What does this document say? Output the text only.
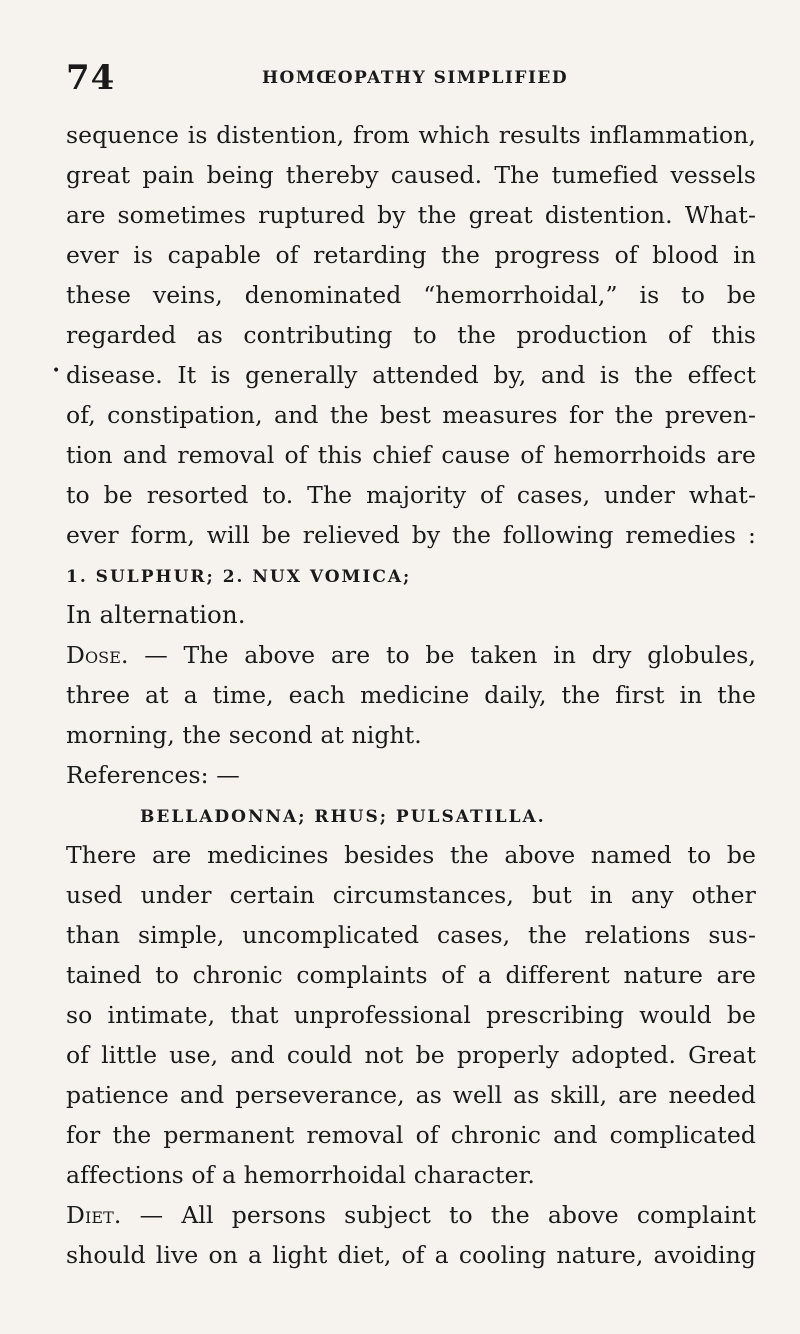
74	HOMŒOPATHY SIMPLIFIED
•
sequence is distention, from which results inflammation,
great pain being thereby caused. The tumefied vessels
are sometimes ruptured by the great distention. What-
ever is capable of retarding the progress of blood in
these veins, denominated “hemorrhoidal,” is to be
regarded as contributing to the production of this
disease. It is generally attended by, and is the effect
of, constipation, and the best measures for the preven-
tion and removal of this chief cause of hemorrhoids are
to be resorted to. The majority of cases, under what-
ever form, will be relieved by the following remedies :
1. SULPHUR; 2. NUX VOMICA;
In alternation.
Dose. — The above are to be taken in dry globules,
three at a time, each medicine daily, the first in the
morning, the second at night.
References: —
BELLADONNA; RHUS; PULSATILLA.
There are medicines besides the above named to be
used under certain circumstances, but in any other
than simple, uncomplicated cases, the relations sus-
tained to chronic complaints of a different nature are
so intimate, that unprofessional prescribing would be
of little use, and could not be properly adopted. Great
patience and perseverance, as well as skill, are needed
for the permanent removal of chronic and complicated
affections of a hemorrhoidal character.
Diet. — All persons subject to the above complaint
should live on a light diet, of a cooling nature, avoiding
